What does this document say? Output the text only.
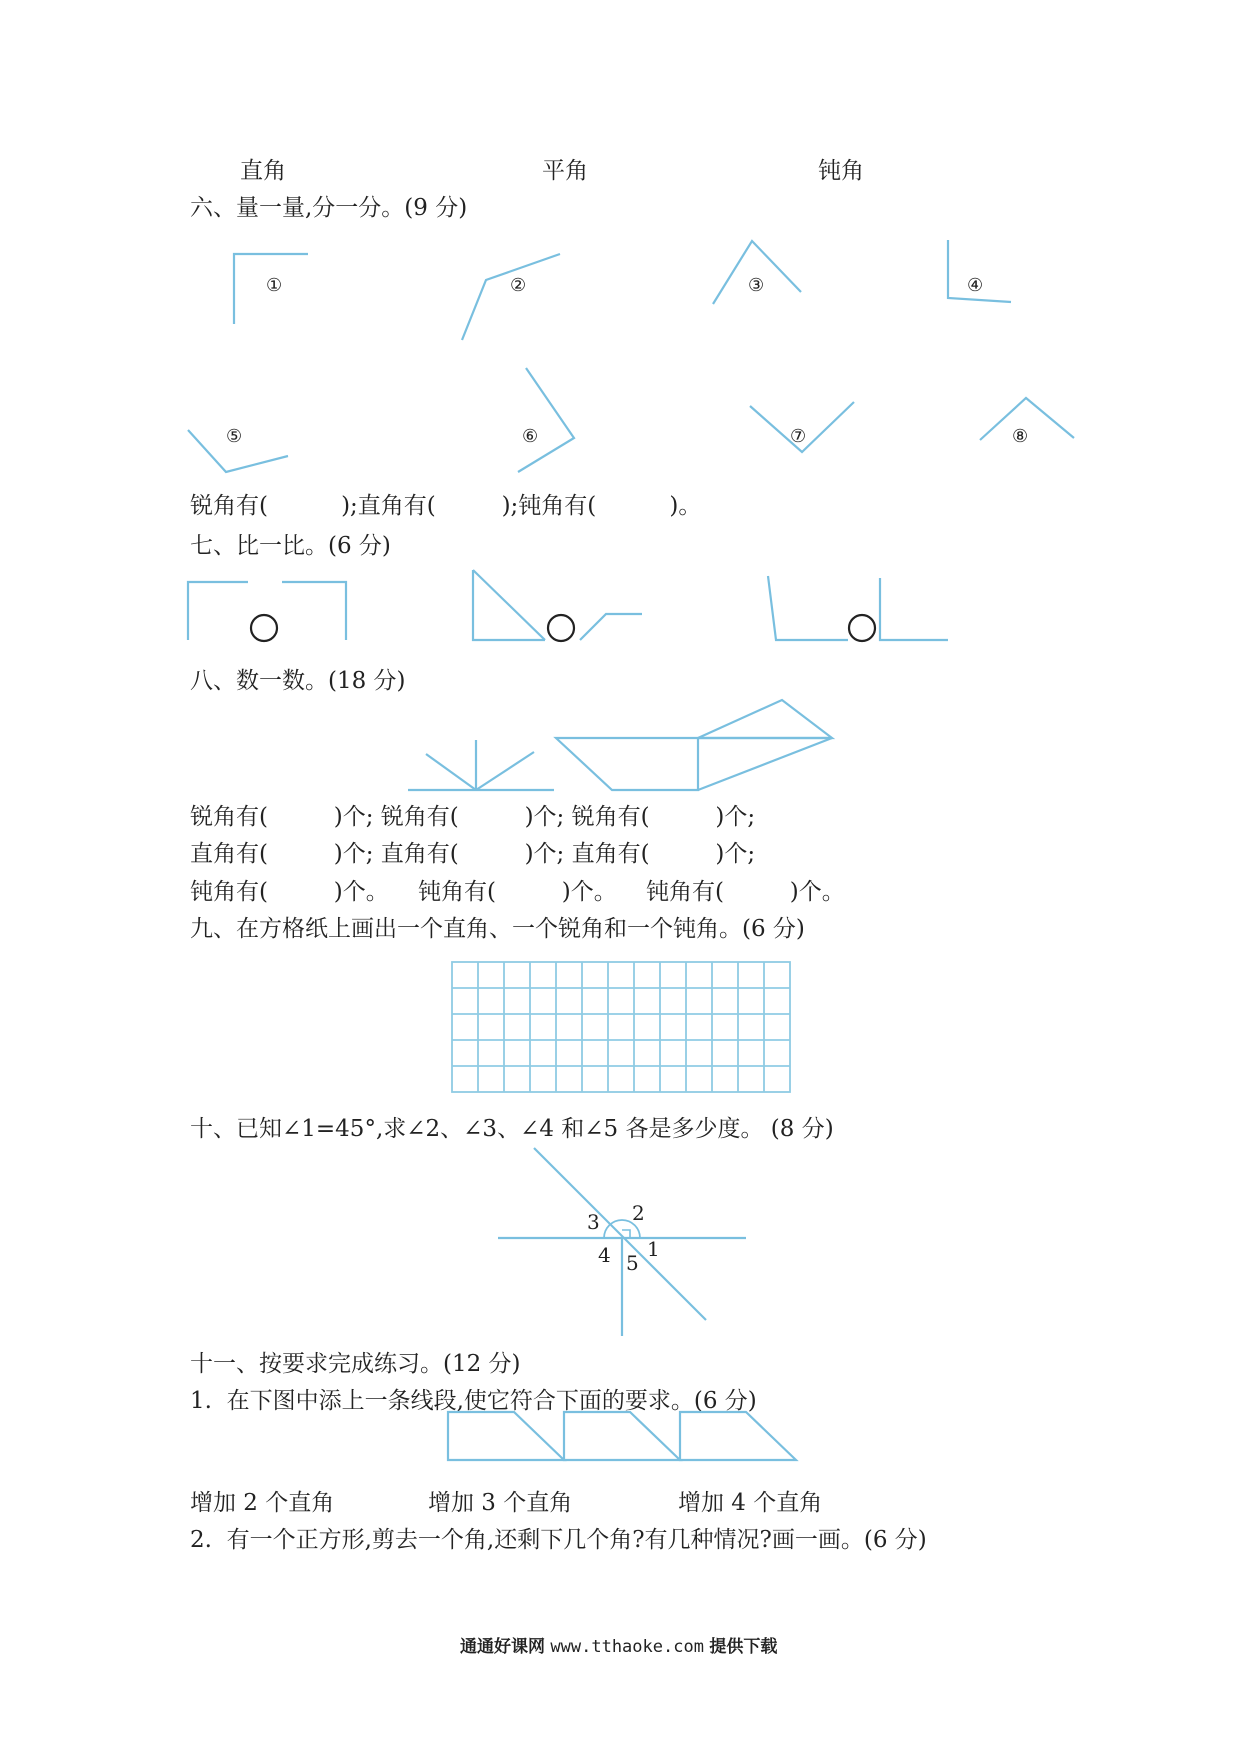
直角	平角	钝角
六、量一量,分一分。(9 分)
锐角有(          );直角有(         );钝角有(          )。
七、比一比。(6 分)
八、数一数。(18 分)
锐角有(         )个; 锐角有(         )个; 锐角有(         )个;
直角有(         )个; 直角有(         )个; 直角有(         )个;
钝角有(         )个。    钝角有(         )个。    钝角有(         )个。
九、在方格纸上画出一个直角、一个锐角和一个钝角。(6 分)
十、已知∠1=45°,求∠2、∠3、∠4 和∠5 各是多少度。 (8 分)
十一、按要求完成练习。(12 分)
1.  在下图中添上一条线段,使它符合下面的要求。(6 分)
增加 2 个直角	增加 3 个直角	增加 4 个直角
2.  有一个正方形,剪去一个角,还剩下几个角?有几种情况?画一画。(6 分)
①	②	③	④
⑤	⑥	⑦	⑧
3 2
1
4 5
通通好课网 www.tthaoke.com 提供下载
